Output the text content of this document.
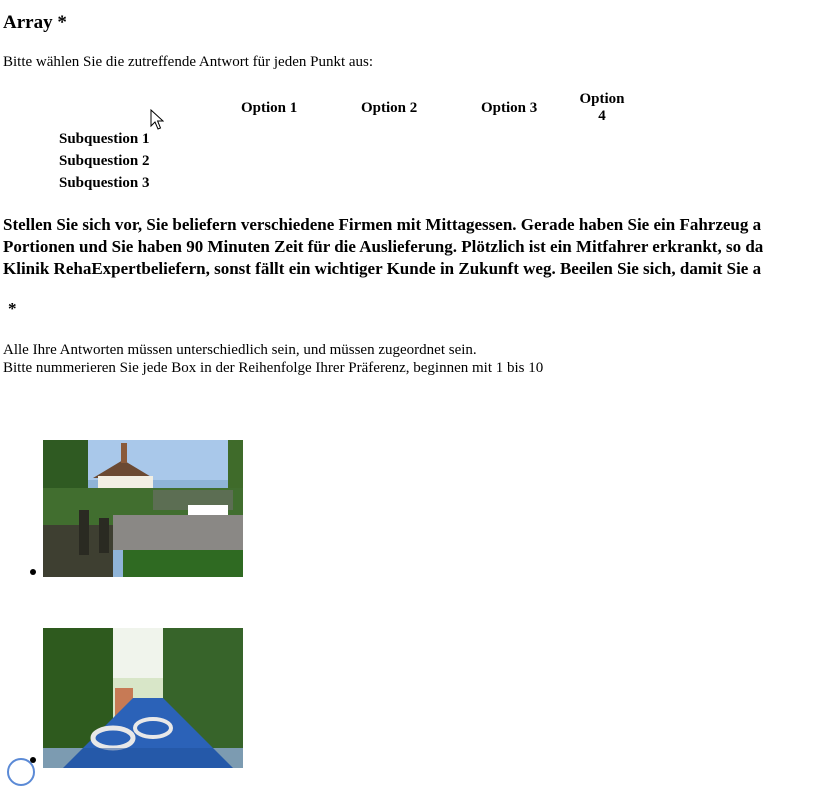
Array *

Bitte wählen Sie die zutreffende Antwort für jeden Punkt aus:

Option 1	Option 2	Option 3
Option 4
Subquestion 1
Subquestion 2
Subquestion 3
Stellen Sie sich vor, Sie beliefern verschiedene Firmen mit Mittagessen. Gerade haben Sie ein Fahrzeug a
Portionen und Sie haben 90 Minuten Zeit für die Auslieferung. Plötzlich ist ein Mitfahrer erkrankt, so da
Klinik RehaExpertbeliefern, sonst fällt ein wichtiger Kunde in Zukunft weg. Beeilen Sie sich, damit Sie a
*
Alle Ihre Antworten müssen unterschiedlich sein, und müssen zugeordnet sein.
Bitte nummerieren Sie jede Box in der Reihenfolge Ihrer Präferenz, beginnen mit 1 bis 10
